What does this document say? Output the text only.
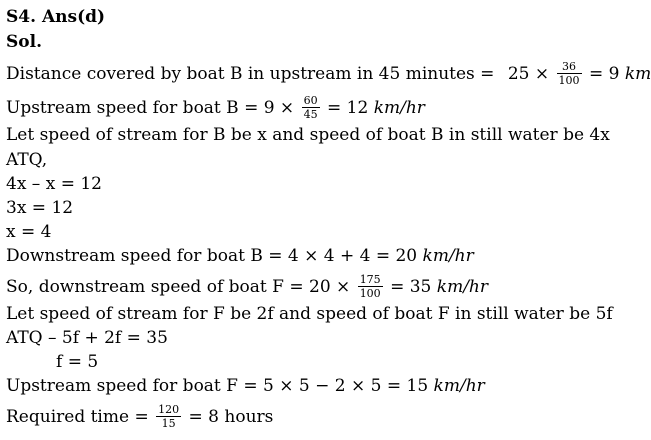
S4. Ans(d)
Sol.
Distance covered by boat B in upstream in 45 minutes = $25 \times \frac{36}{100} = 9$ km
Upstream speed for boat $B = 9 \times \frac{60}{45} = 12$ km/hr
Let speed of stream for B be x and speed of boat B in still water be 4x
ATQ,
4x – x = 12
3x = 12
x = 4
Downstream speed for boat B = 4 × 4 + 4 = 20 km/hr
So, downstream speed of boat $F = 20 \times \frac{175}{100} = 35$ km/hr
Let speed of stream for F be 2f and speed of boat F in still water be 5f
ATQ – 5f + 2f = 35
f = 5
Upstream speed for boat F = 5 × 5 − 2 × 5 = 15 km/hr
Required time = $\frac{120}{15} = 8$ hours
